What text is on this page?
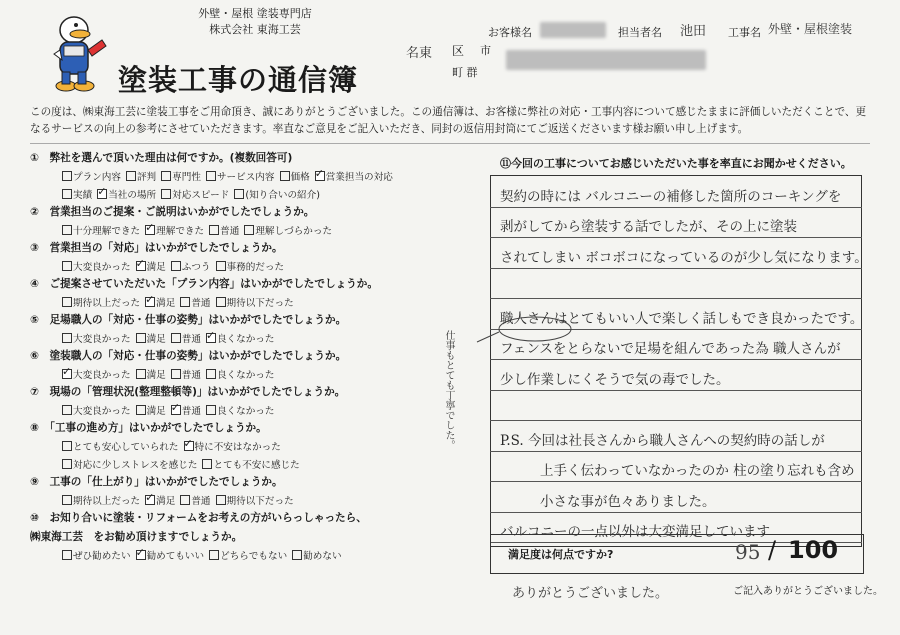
外壁・屋根 塗装専門店
株式会社 東海工芸
塗装工事の通信簿
お客様名	担当者名 池田 工事名 外壁・屋根塗装
名東 区 市
町 群
この度は、㈱東海工芸に塗装工事をご用命頂き、誠にありがとうございました。この通信簿は、お客様に弊社の対応・工事内容について感じたままに評価しいただくことで、更なるサービスの向上の参考にさせていただきます。率直なご意見をご記入いただき、同封の返信用封筒にてご返送くださいます様お願い申し上げます。
①　弊社を選んで頂いた理由は何ですか。(複数回答可)
プラン内容 評判 専門性 サービス内容 価格 ✓ 営業担当の対応
実績 ✓ 当社の場所 対応スピード (知り合いの紹介)
②　営業担当のご提案・ご説明はいかがでしたでしょうか。
十分理解できた ✓ 理解できた 普通 理解しづらかった
③　営業担当の「対応」はいかがでしたでしょうか。
大変良かった ✓ 満足 ふつう 事務的だった
④　ご提案させていただいた「プラン内容」はいかがでしたでしょうか。
期待以上だった ✓ 満足 普通 期待以下だった
⑤　足場職人の「対応・仕事の姿勢」はいかがでしたでしょうか。
大変良かった 満足 普通 ✓ 良くなかった
⑥　塗装職人の「対応・仕事の姿勢」はいかがでしたでしょうか。
✓大変良かった 満足 普通 良くなかった
⑦　現場の「管理状況(整理整頓等)」はいかがでしたでしょうか。
大変良かった 満足 ✓ 普通 良くなかった
⑧　「工事の進め方」はいかがでしたでしょうか。
とても安心していられた ✓ 特に不安はなかった
対応に少しストレスを感じた とても不安に感じた
⑨　工事の「仕上がり」はいかがでしたでしょうか。
期待以上だった ✓ 満足 普通 期待以下だった
⑩　お知り合いに塗装・リフォームをお考えの方がいらっしゃったら、
㈱東海工芸　をお勧め頂けますでしょうか。
ぜひ勧めたい ✓ 勧めてもいい どちらでもない 勧めない
⑪今回の工事についてお感じいただいた事を率直にお聞かせください。
契約の時には バルコニーの補修した箇所のコーキングを
剥がしてから塗装する話でしたが、その上に塗装
されてしまい ボコボコになっているのが少し気になります。
職人さんはとてもいい人で楽しく話しもでき良かったです。
フェンスをとらないで足場を組んであった為 職人さんが
少し作業しにくそうで気の毒でした。
P.S. 今回は社長さんから職人さんへの契約時の話しが
上手く伝わっていなかったのか 柱の塗り忘れも含め
小さな事が色々ありました。
バルコニーの一点以外は大変満足しています
仕事もとても丁寧でした。
満足度は何点ですか?	95 / 100
ありがとうございました。	ご記入ありがとうございました。
